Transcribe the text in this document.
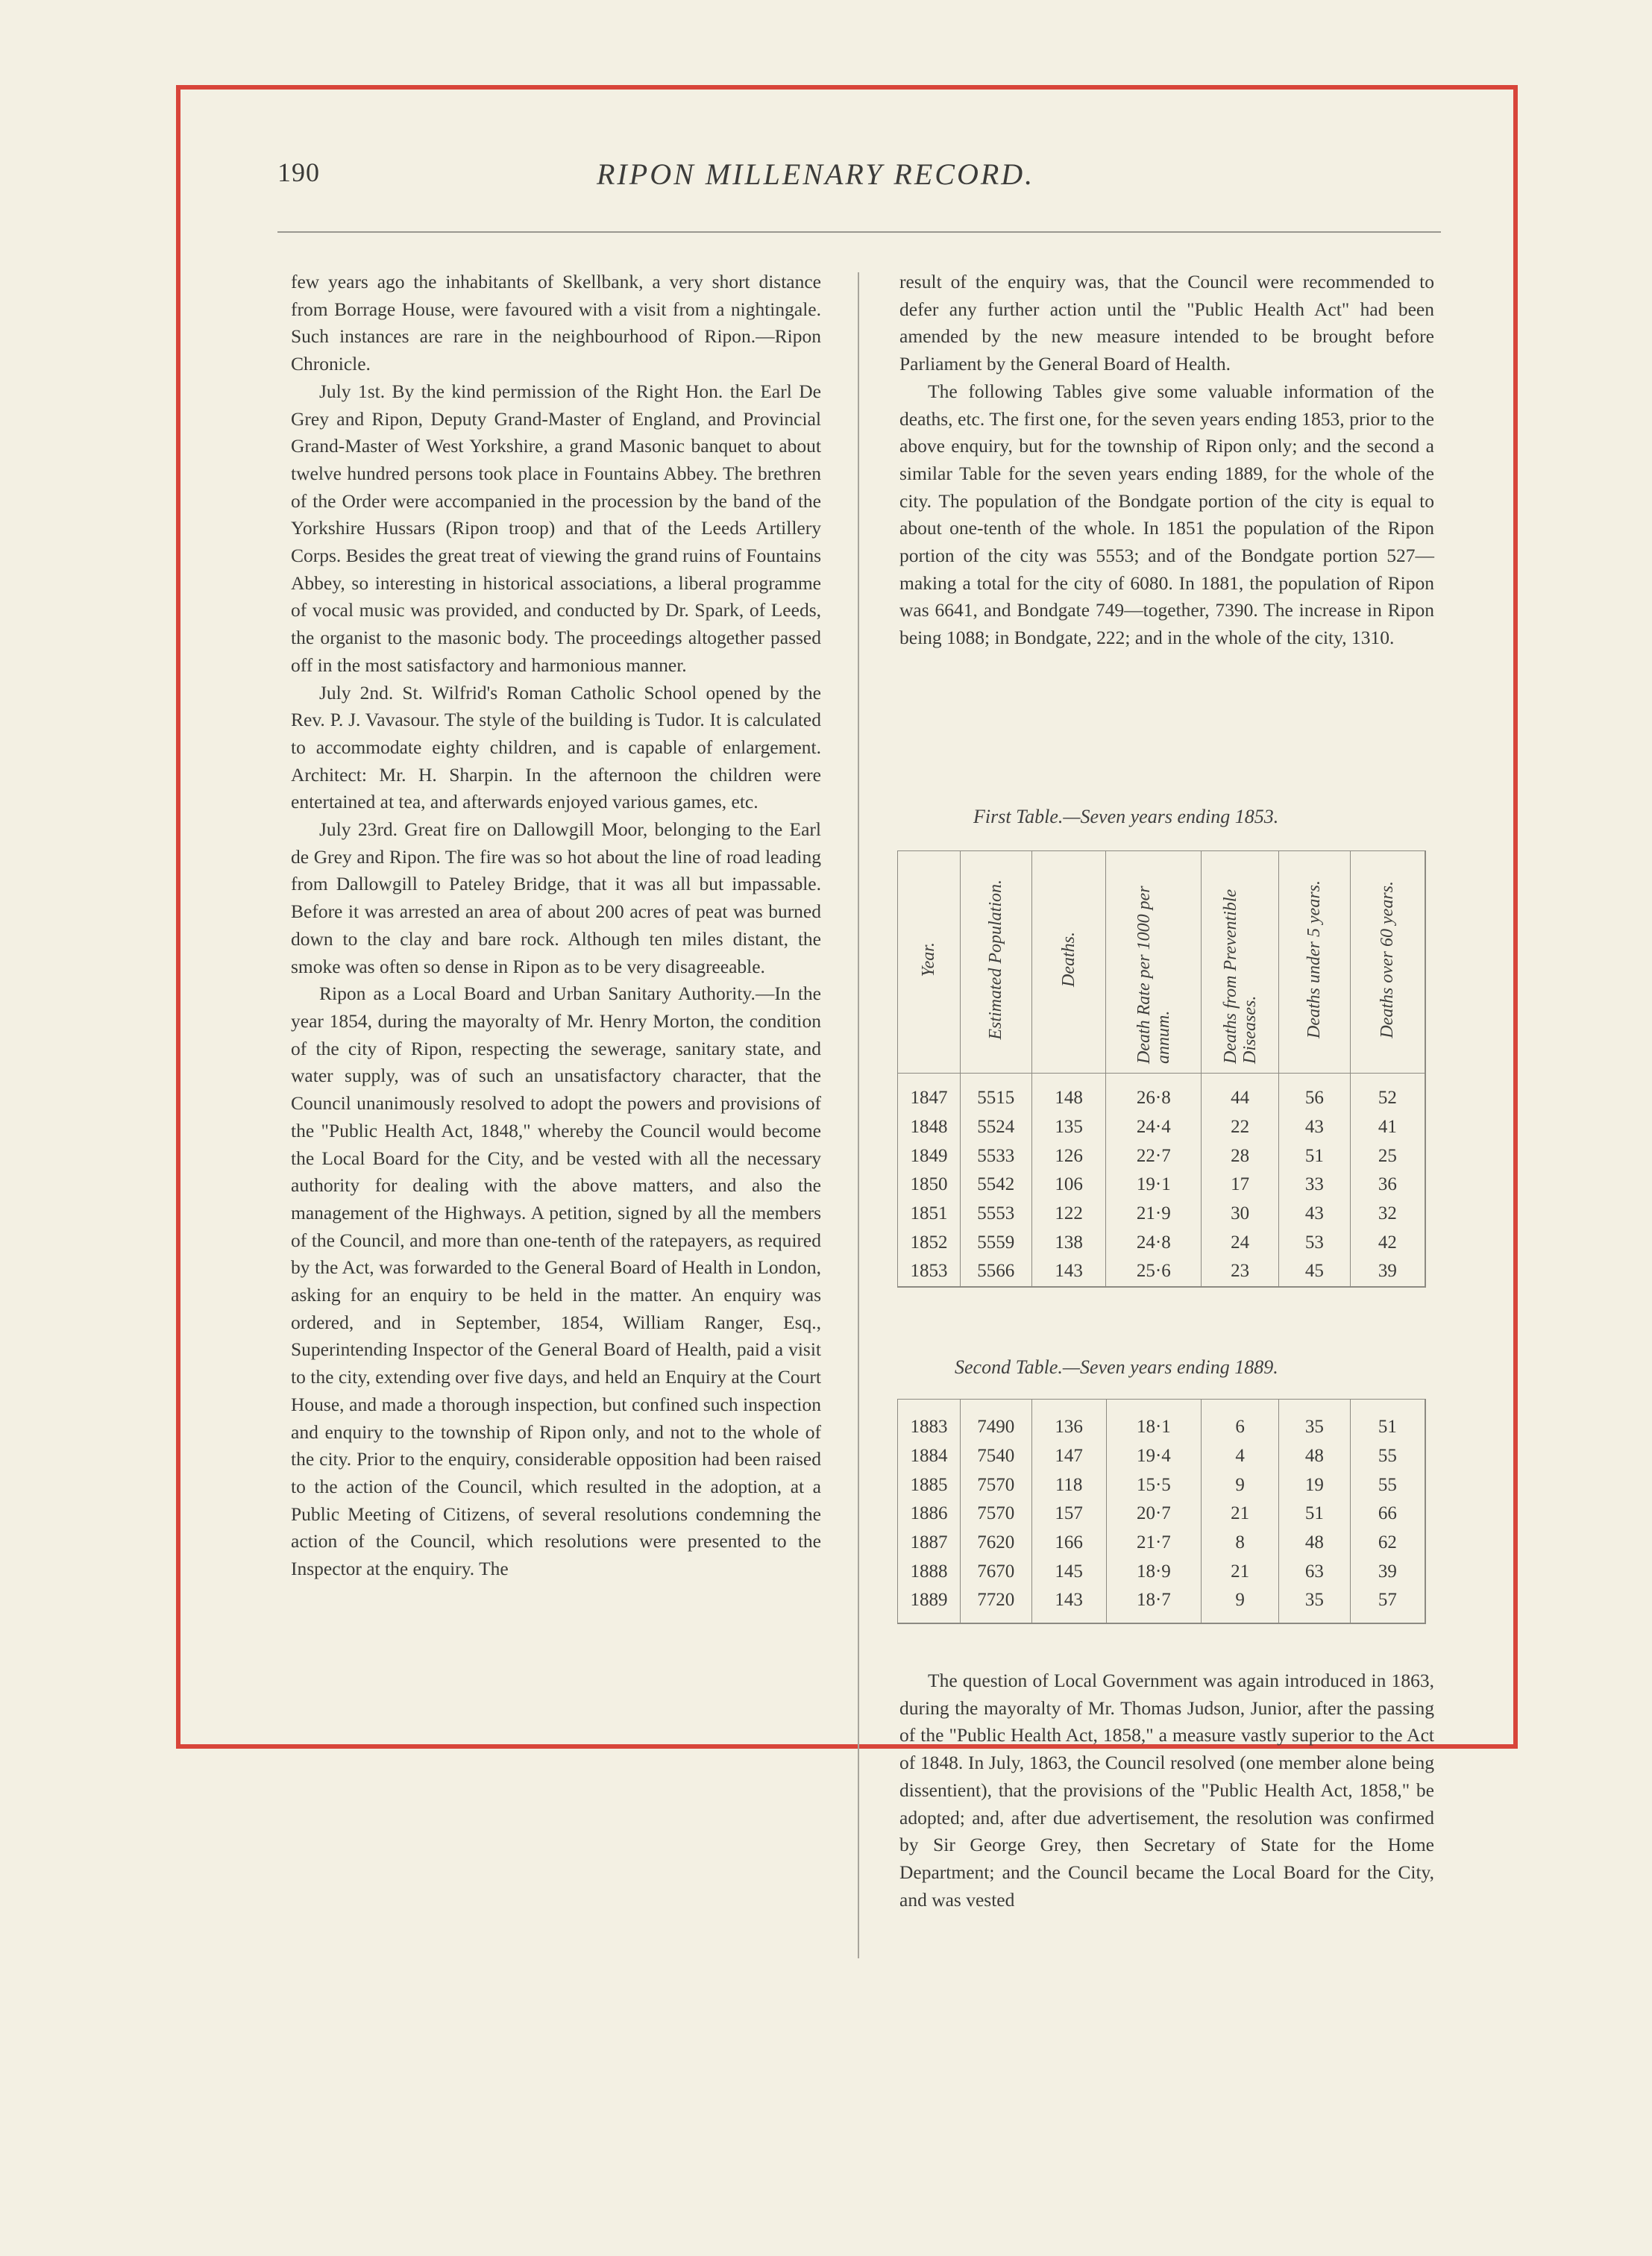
190	RIPON MILLENARY RECORD.

few years ago the inhabitants of Skellbank, a very short distance from Borrage House, were favoured with a visit from a nightingale. Such instances are rare in the neighbourhood of Ripon.—Ripon Chronicle.

July 1st. By the kind permission of the Right Hon. the Earl De Grey and Ripon, Deputy Grand-Master of England, and Provincial Grand-Master of West Yorkshire, a grand Masonic banquet to about twelve hundred persons took place in Fountains Abbey. The brethren of the Order were accompanied in the procession by the band of the Yorkshire Hussars (Ripon troop) and that of the Leeds Artillery Corps. Besides the great treat of viewing the grand ruins of Fountains Abbey, so interesting in historical associations, a liberal programme of vocal music was provided, and conducted by Dr. Spark, of Leeds, the organist to the masonic body. The proceedings altogether passed off in the most satisfactory and harmonious manner.

July 2nd. St. Wilfrid's Roman Catholic School opened by the Rev. P. J. Vavasour. The style of the building is Tudor. It is calculated to accommodate eighty children, and is capable of enlargement. Architect: Mr. H. Sharpin. In the afternoon the children were entertained at tea, and afterwards enjoyed various games, etc.

July 23rd. Great fire on Dallowgill Moor, belonging to the Earl de Grey and Ripon. The fire was so hot about the line of road leading from Dallowgill to Pateley Bridge, that it was all but impassable. Before it was arrested an area of about 200 acres of peat was burned down to the clay and bare rock. Although ten miles distant, the smoke was often so dense in Ripon as to be very disagreeable.

Ripon as a Local Board and Urban Sanitary Authority.—In the year 1854, during the mayoralty of Mr. Henry Morton, the condition of the city of Ripon, respecting the sewerage, sanitary state, and water supply, was of such an unsatisfactory character, that the Council unanimously resolved to adopt the powers and provisions of the "Public Health Act, 1848," whereby the Council would become the Local Board for the City, and be vested with all the necessary authority for dealing with the above matters, and also the management of the Highways. A petition, signed by all the members of the Council, and more than one-tenth of the ratepayers, as required by the Act, was forwarded to the General Board of Health in London, asking for an enquiry to be held in the matter. An enquiry was ordered, and in September, 1854, William Ranger, Esq., Superintending Inspector of the General Board of Health, paid a visit to the city, extending over five days, and held an Enquiry at the Court House, and made a thorough inspection, but confined such inspection and enquiry to the township of Ripon only, and not to the whole of the city. Prior to the enquiry, considerable opposition had been raised to the action of the Council, which resulted in the adoption, at a Public Meeting of Citizens, of several resolutions condemning the action of the Council, which resolutions were presented to the Inspector at the enquiry. The

result of the enquiry was, that the Council were recommended to defer any further action until the "Public Health Act" had been amended by the new measure intended to be brought before Parliament by the General Board of Health.

The following Tables give some valuable information of the deaths, etc. The first one, for the seven years ending 1853, prior to the above enquiry, but for the township of Ripon only; and the second a similar Table for the seven years ending 1889, for the whole of the city. The population of the Bondgate portion of the city is equal to about one-tenth of the whole. In 1851 the population of the Ripon portion of the city was 5553; and of the Bondgate portion 527—making a total for the city of 6080. In 1881, the population of Ripon was 6641, and Bondgate 749—together, 7390. The increase in Ripon being 1088; in Bondgate, 222; and in the whole of the city, 1310.

First Table.—Seven years ending 1853.
Year.	Estimated Population.	Deaths.	Death Rate per 1000 per annum.	Deaths from Preventible Diseases.	Deaths under 5 years.	Deaths over 60 years.
1847	5515	148	26·8	44	56	52
1848	5524	135	24·4	22	43	41
1849	5533	126	22·7	28	51	25
1850	5542	106	19·1	17	33	36
1851	5553	122	21·9	30	43	32
1852	5559	138	24·8	24	53	42
1853	5566	143	25·6	23	45	39
Second Table.—Seven years ending 1889.
1883	7490	136	18·1	6	35	51
1884	7540	147	19·4	4	48	55
1885	7570	118	15·5	9	19	55
1886	7570	157	20·7	21	51	66
1887	7620	166	21·7	8	48	62
1888	7670	145	18·9	21	63	39
1889	7720	143	18·7	9	35	57

The question of Local Government was again introduced in 1863, during the mayoralty of Mr. Thomas Judson, Junior, after the passing of the "Public Health Act, 1858," a measure vastly superior to the Act of 1848. In July, 1863, the Council resolved (one member alone being dissentient), that the provisions of the "Public Health Act, 1858," be adopted; and, after due advertisement, the resolution was confirmed by Sir George Grey, then Secretary of State for the Home Department; and the Council became the Local Board for the City, and was vested
